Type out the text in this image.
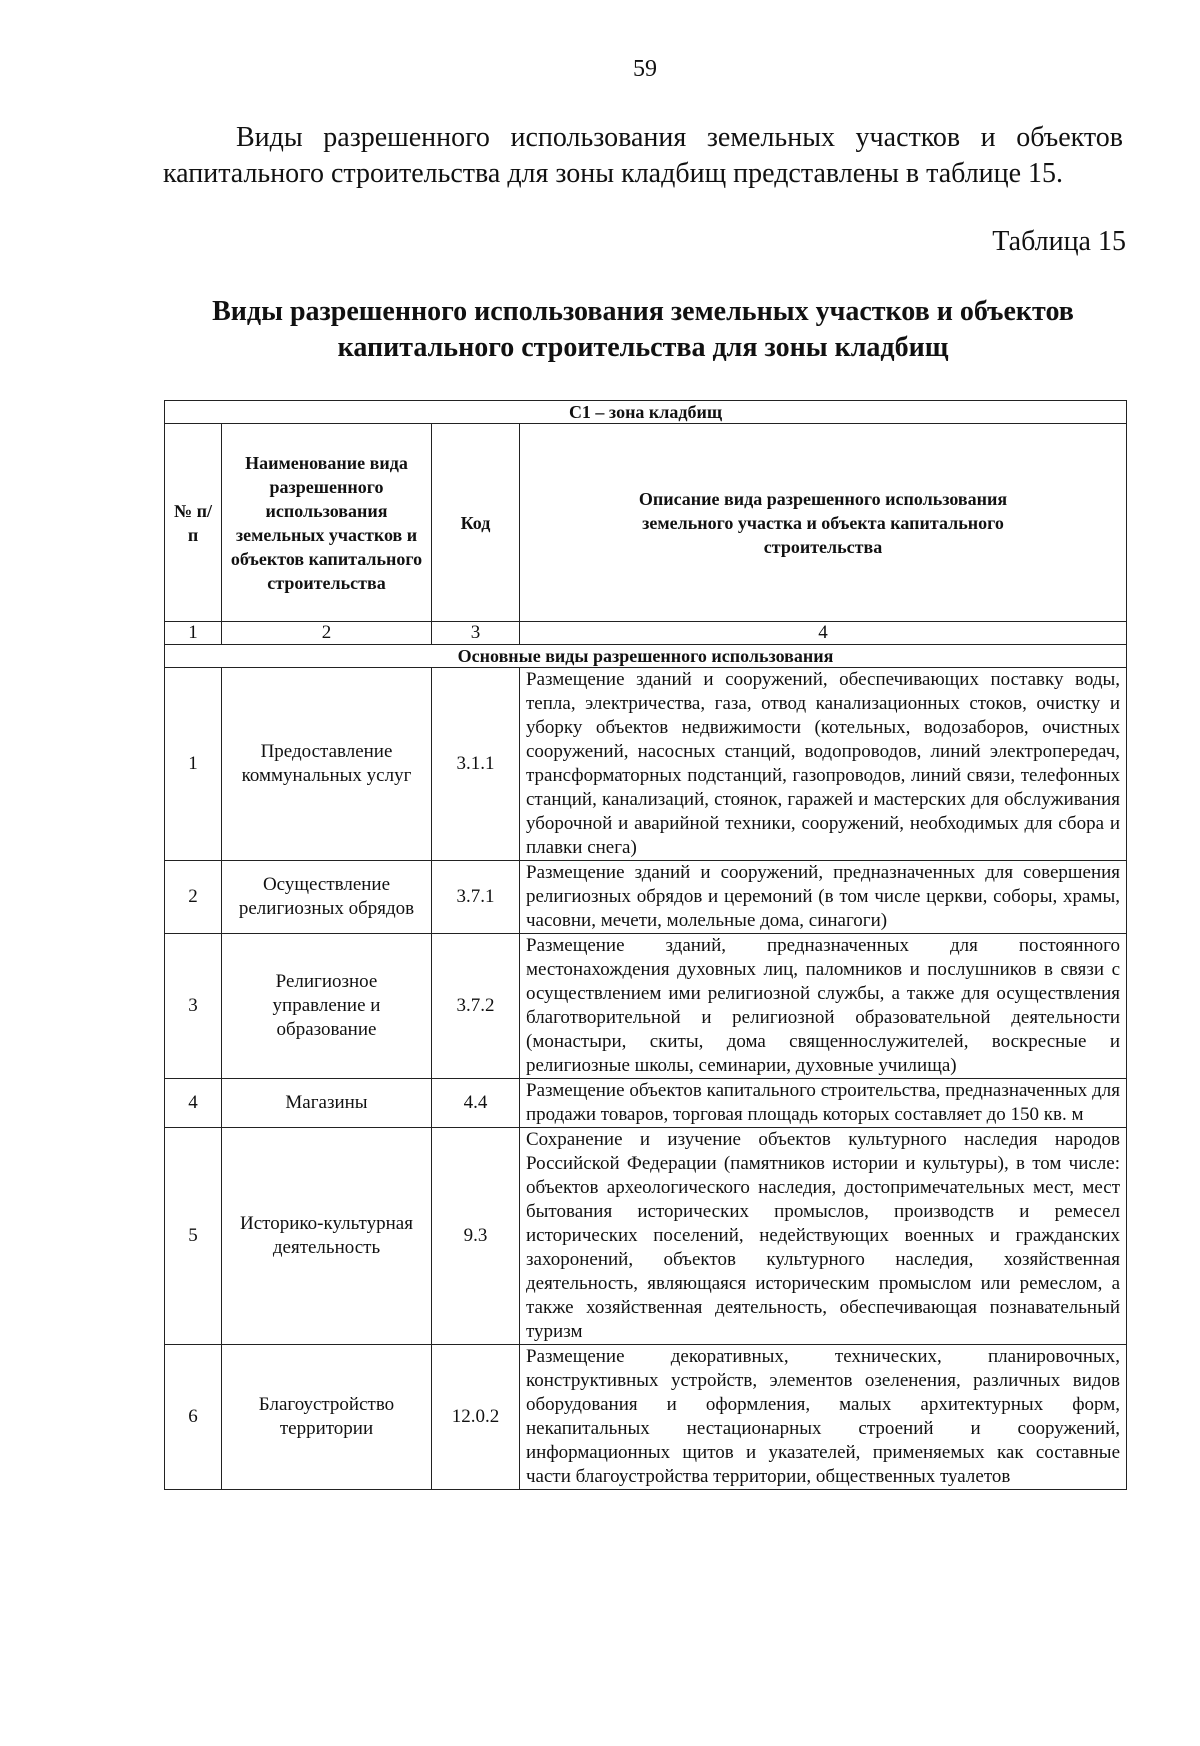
59
Виды разрешенного использования земельных участков и объектов капитального строительства для зоны кладбищ представлены в таблице 15.
Таблица 15
Виды разрешенного использования земельных участков и объектов
капитального строительства для зоны кладбищ
С1 – зона кладбищ			
№ п/п	Наименование вида разрешенного использования земельных участков и объектов капитального строительства	Код	Описание вида разрешенного использования земельного участка и объекта капитального строительства
1	2	3	4
Основные виды разрешенного использования			
1	Предоставление коммунальных услуг	3.1.1	Размещение зданий и сооружений, обеспечивающих поставку воды, тепла, электричества, газа, отвод канализационных стоков, очистку и уборку объектов недвижимости (котельных, водозаборов, очистных сооружений, насосных станций, водопроводов, линий электропередач, трансформаторных подстанций, газопроводов, линий связи, телефонных станций, канализаций, стоянок, гаражей и мастерских для обслуживания уборочной и аварийной техники, сооружений, необходимых для сбора и плавки снега)
2	Осуществление религиозных обрядов	3.7.1	Размещение зданий и сооружений, предназначенных для совершения религиозных обрядов и церемоний (в том числе церкви, соборы, храмы, часовни, мечети, молельные дома, синагоги)
3	Религиозное управление и образование	3.7.2	Размещение зданий, предназначенных для постоянного местонахождения духовных лиц, паломников и послушников в связи с осуществлением ими религиозной службы, а также для осуществления благотворительной и религиозной образовательной деятельности (монастыри, скиты, дома священнослужителей, воскресные и религиозные школы, семинарии, духовные училища)
4	Магазины	4.4	Размещение объектов капитального строительства, предназначенных для продажи товаров, торговая площадь которых составляет до 150 кв. м
5	Историко-культурная деятельность	9.3	Сохранение и изучение объектов культурного наследия народов Российской Федерации (памятников истории и культуры), в том числе: объектов археологического наследия, достопримечательных мест, мест бытования исторических промыслов, производств и ремесел исторических поселений, недействующих военных и гражданских захоронений, объектов культурного наследия, хозяйственная деятельность, являющаяся историческим промыслом или ремеслом, а также хозяйственная деятельность, обеспечивающая познавательный туризм
6	Благоустройство территории	12.0.2	Размещение декоративных, технических, планировочных, конструктивных устройств, элементов озеленения, различных видов оборудования и оформления, малых архитектурных форм, некапитальных нестационарных строений и сооружений, информационных щитов и указателей, применяемых как составные части благоустройства территории, общественных туалетов
